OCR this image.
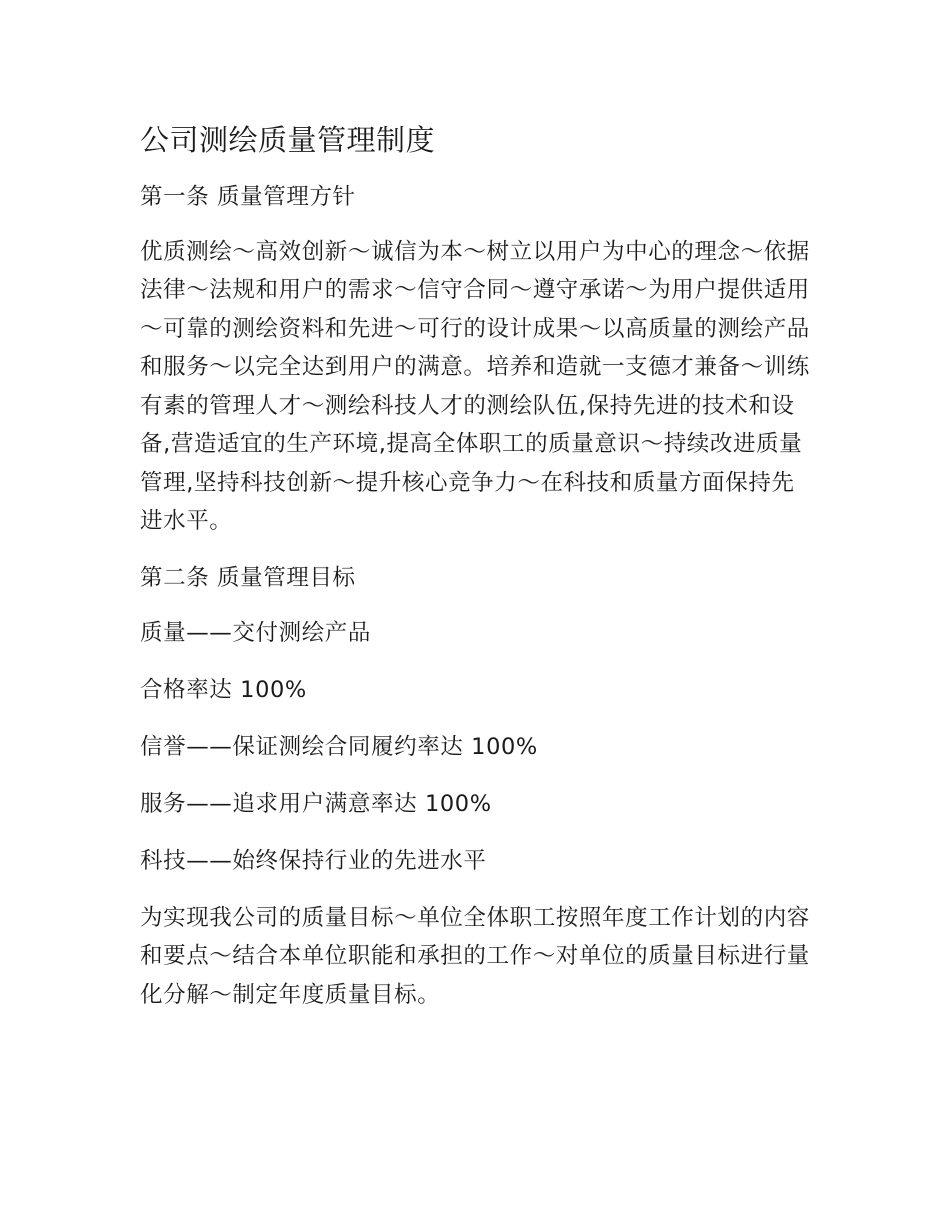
公司测绘质量管理制度

第一条 质量管理方针

优质测绘～高效创新～诚信为本～树立以用户为中心的理念～依据法律～法规和用户的需求～信守合同～遵守承诺～为用户提供适用～可靠的测绘资料和先进～可行的设计成果～以高质量的测绘产品和服务～以完全达到用户的满意。培养和造就一支德才兼备～训练有素的管理人才～测绘科技人才的测绘队伍,保持先进的技术和设备,营造适宜的生产环境,提高全体职工的质量意识～持续改进质量管理,坚持科技创新～提升核心竞争力～在科技和质量方面保持先进水平。

第二条 质量管理目标

质量——交付测绘产品

合格率达 100%

信誉——保证测绘合同履约率达 100%

服务——追求用户满意率达 100%

科技——始终保持行业的先进水平

为实现我公司的质量目标～单位全体职工按照年度工作计划的内容和要点～结合本单位职能和承担的工作～对单位的质量目标进行量化分解～制定年度质量目标。
